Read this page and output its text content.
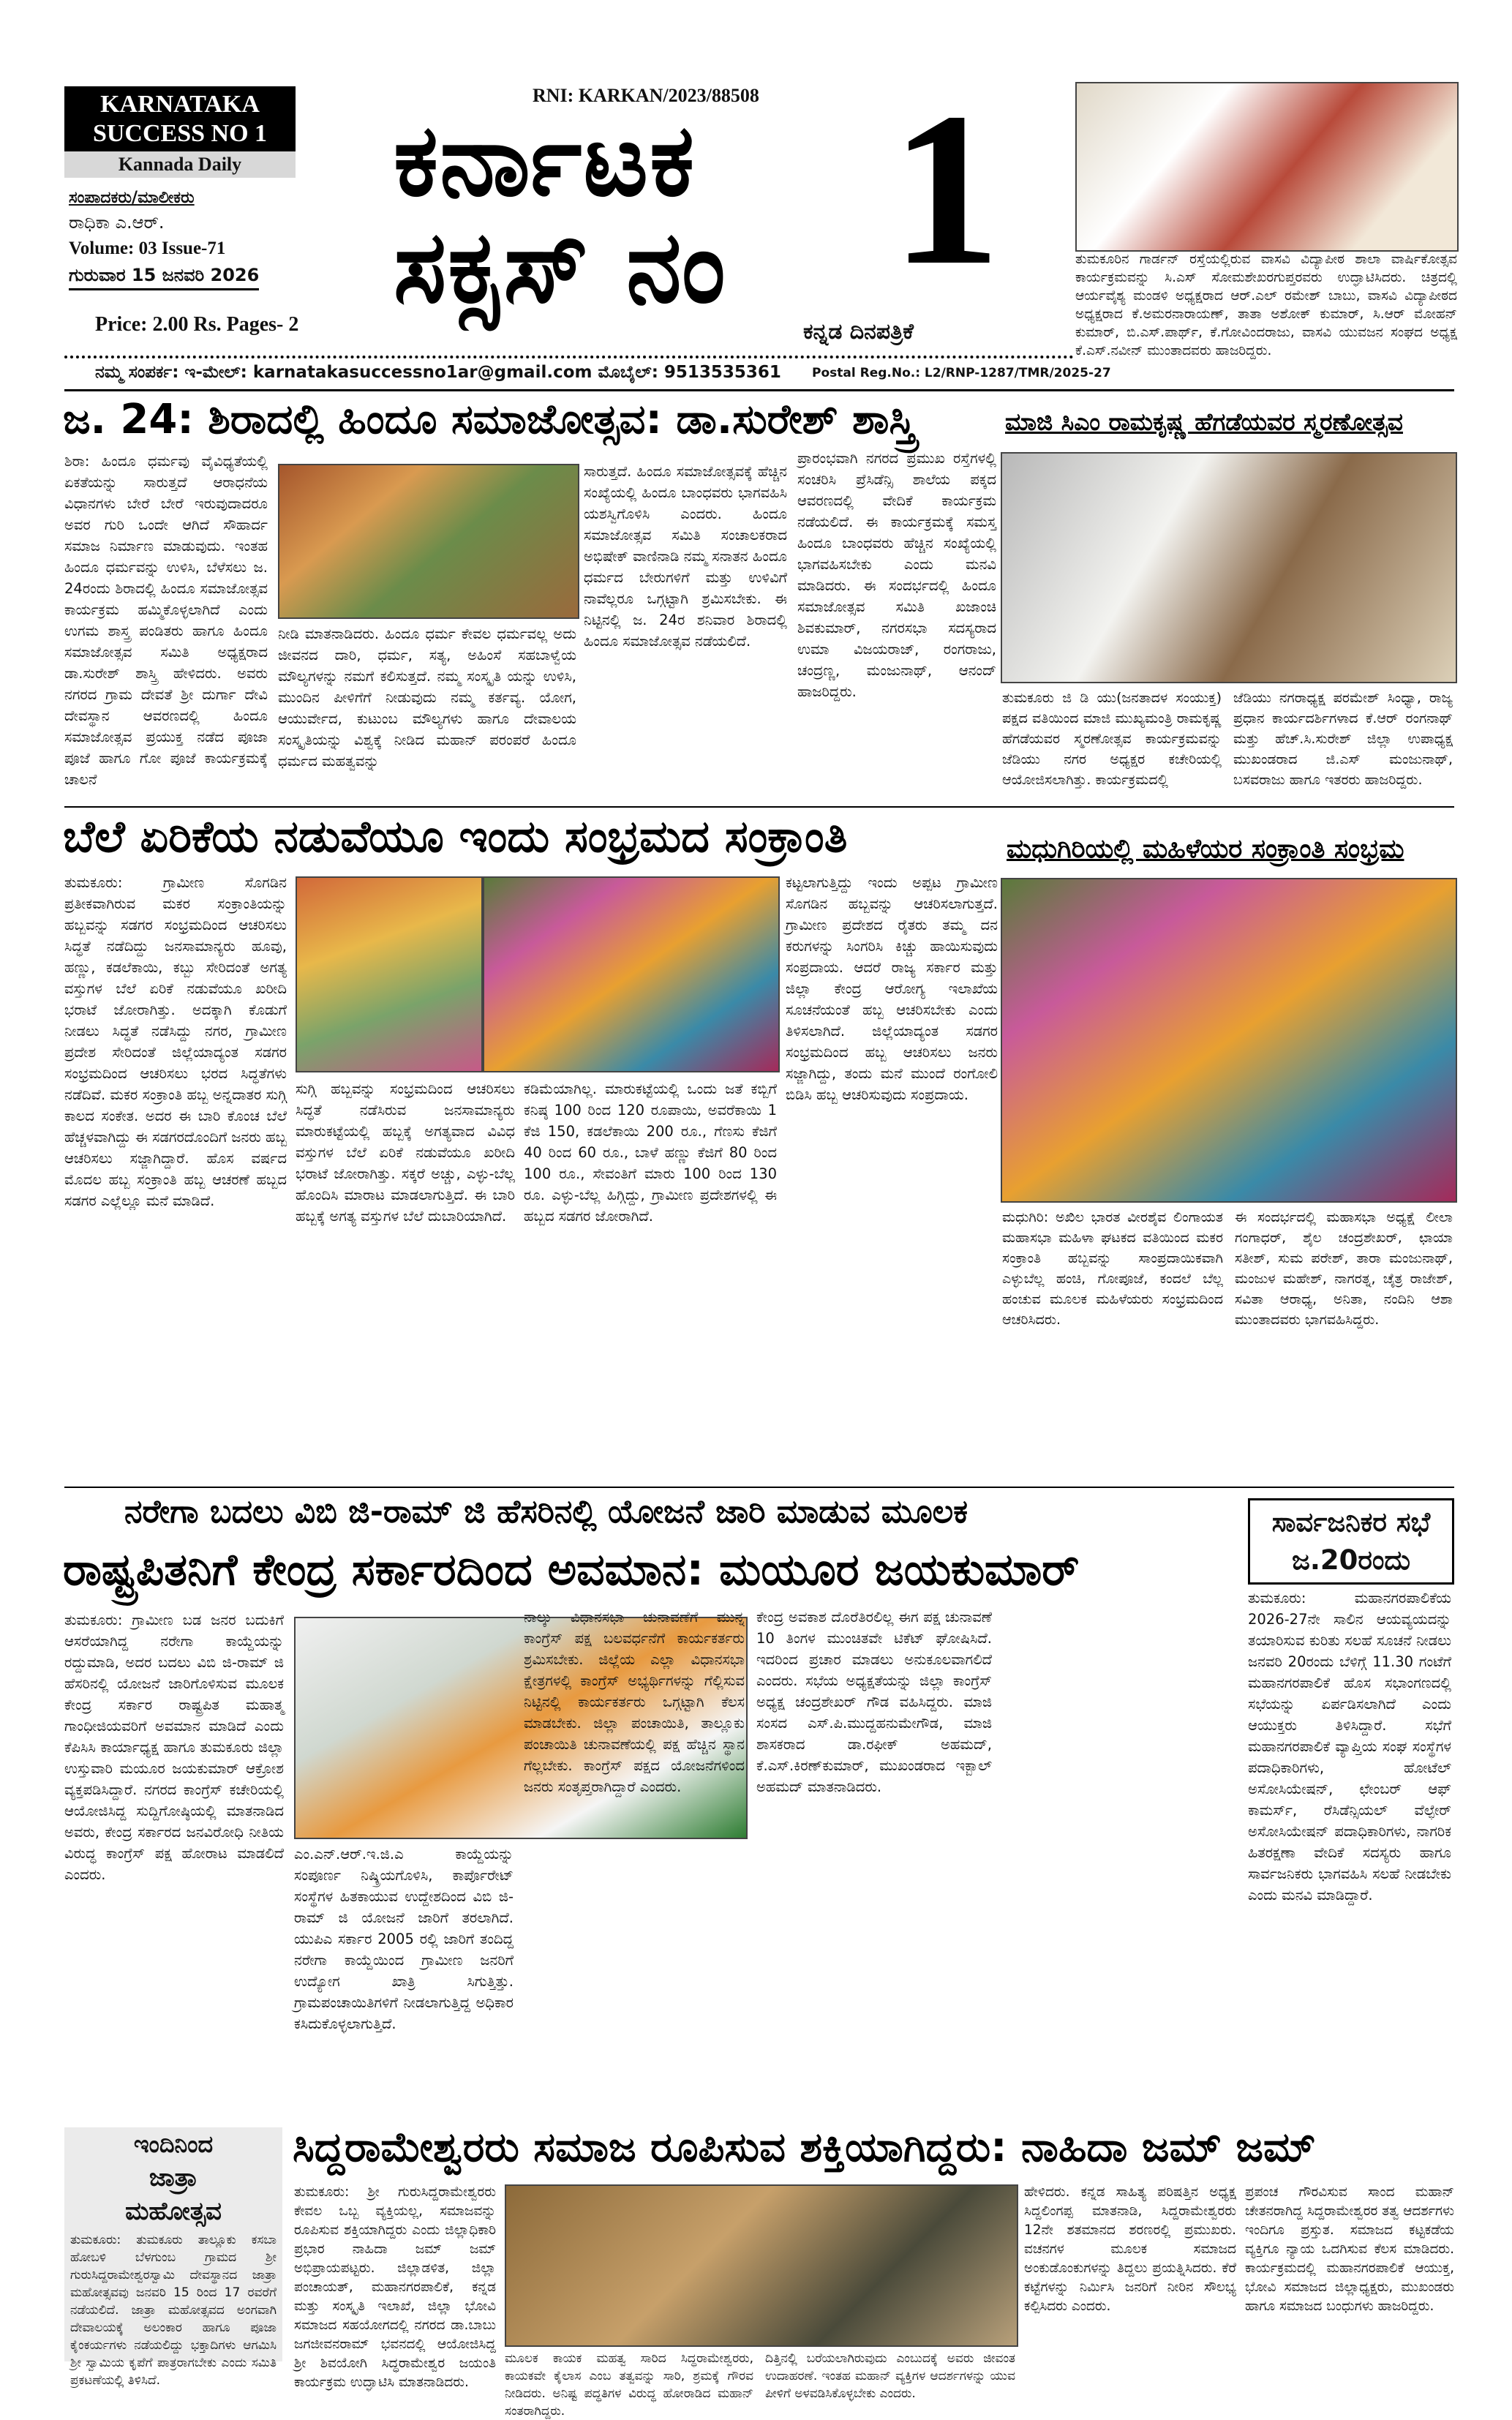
KARNATAKA
SUCCESS NO 1
Kannada Daily
ಸಂಪಾದಕರು/ಮಾಲೀಕರು
ರಾಧಿಕಾ ಎ.ಆರ್.
Volume: 03 Issue-71
ಗುರುವಾರ 15 ಜನವರಿ 2026
Price: 2.00 Rs. Pages- 2
RNI: KARKAN/2023/88508
ಕರ್ನಾಟಕ
ಸಕ್ಸಸ್ ನಂ 1
ಕನ್ನಡ ದಿನಪತ್ರಿಕೆ
ತುಮಕೂರಿನ ಗಾರ್ಡನ್ ರಸ್ತೆಯಲ್ಲಿರುವ ವಾಸವಿ ವಿದ್ಯಾಪೀಠ ಶಾಲಾ ವಾರ್ಷಿಕೋತ್ಸವ ಕಾರ್ಯಕ್ರಮವನ್ನು ಸಿ.ಎಸ್ ಸೋಮಶೇಖರಗುಪ್ತರವರು ಉದ್ಘಾಟಿಸಿದರು. ಚಿತ್ರದಲ್ಲಿ ಆರ್ಯವೈಶ್ಯ ಮಂಡಳಿ ಅಧ್ಯಕ್ಷರಾದ ಆರ್.ಎಲ್ ರಮೇಶ್ ಬಾಬು, ವಾಸವಿ ವಿದ್ಯಾಪೀಠದ ಅಧ್ಯಕ್ಷರಾದ ಕೆ.ಅಮರನಾರಾಯಣ್, ತಾತಾ ಅಶೋಕ್ ಕುಮಾರ್, ಸಿ.ಆರ್ ಮೋಹನ್ ಕುಮಾರ್, ಬಿ.ಎಸ್.ಪಾರ್ಥ್, ಕೆ.ಗೋವಿಂದರಾಜು, ವಾಸವಿ ಯುವಜನ ಸಂಘದ ಅಧ್ಯಕ್ಷ ಕೆ.ಎಸ್.ನವೀನ್ ಮುಂತಾದವರು ಹಾಜರಿದ್ದರು.
ನಮ್ಮ ಸಂಪರ್ಕ: ಇ-ಮೇಲ್: karnatakasuccessno1ar@gmail.com ಮೊಬೈಲ್: 9513535361 Postal Reg.No.: L2/RNP-1287/TMR/2025-27
ಜ. 24: ಶಿರಾದಲ್ಲಿ ಹಿಂದೂ ಸಮಾಜೋತ್ಸವ: ಡಾ.ಸುರೇಶ್ ಶಾಸ್ತ್ರಿ
ಶಿರಾ: ಹಿಂದೂ ಧರ್ಮವು ವೈವಿಧ್ಯತೆಯಲ್ಲಿ ಏಕತೆಯನ್ನು ಸಾರುತ್ತದೆ ಆರಾಧನೆಯ ವಿಧಾನಗಳು ಬೇರೆ ಬೇರೆ ಇರುವುದಾದರೂ ಅವರ ಗುರಿ ಒಂದೇ ಆಗಿದೆ ಸೌಹಾರ್ದ ಸಮಾಜ ನಿರ್ಮಾಣ ಮಾಡುವುದು. ಇಂತಹ ಹಿಂದೂ ಧರ್ಮವನ್ನು ಉಳಿಸಿ, ಬೆಳೆಸಲು ಜ. 24ರಂದು ಶಿರಾದಲ್ಲಿ ಹಿಂದೂ ಸಮಾಜೋತ್ಸವ ಕಾರ್ಯಕ್ರಮ ಹಮ್ಮಿಕೊಳ್ಳಲಾಗಿದೆ ಎಂದು ಉಗಮ ಶಾಸ್ತ್ರ ಪಂಡಿತರು ಹಾಗೂ ಹಿಂದೂ ಸಮಾಜೋತ್ಸವ ಸಮಿತಿ ಅಧ್ಯಕ್ಷರಾದ ಡಾ.ಸುರೇಶ್ ಶಾಸ್ತ್ರಿ ಹೇಳಿದರು. ಅವರು ನಗರದ ಗ್ರಾಮ ದೇವತೆ ಶ್ರೀ ದುರ್ಗಾ ದೇವಿ ದೇವಸ್ಥಾನ ಆವರಣದಲ್ಲಿ ಹಿಂದೂ ಸಮಾಜೋತ್ಸವ ಪ್ರಯುಕ್ತ ನಡೆದ ಪೂಜಾ ಪೂಜೆ ಹಾಗೂ ಗೋ ಪೂಜೆ ಕಾರ್ಯಕ್ರಮಕ್ಕೆ ಚಾಲನೆ
ಸಾರುತ್ತದೆ. ಹಿಂದೂ ಸಮಾಜೋತ್ಸವಕ್ಕೆ ಹೆಚ್ಚಿನ ಸಂಖ್ಯೆಯಲ್ಲಿ ಹಿಂದೂ ಬಾಂಧವರು ಭಾಗವಹಿಸಿ ಯಶಸ್ವಿಗೊಳಿಸಿ ಎಂದರು. ಹಿಂದೂ ಸಮಾಜೋತ್ಸವ ಸಮಿತಿ ಸಂಚಾಲಕರಾದ ಅಭಿಷೇಕ್ ವಾಣಿನಾಡಿ ನಮ್ಮ ಸನಾತನ ಹಿಂದೂ ಧರ್ಮದ ಬೇರುಗಳಿಗೆ ಮತ್ತು ಉಳಿವಿಗೆ ನಾವೆಲ್ಲರೂ ಒಗ್ಗಟ್ಟಾಗಿ ಶ್ರಮಿಸಬೇಕು. ಈ ನಿಟ್ಟಿನಲ್ಲಿ ಜ. 24ರ ಶನಿವಾರ ಶಿರಾದಲ್ಲಿ ಹಿಂದೂ ಸಮಾಜೋತ್ಸವ ನಡೆಯಲಿದೆ.
ನೀಡಿ ಮಾತನಾಡಿದರು. ಹಿಂದೂ ಧರ್ಮ ಕೇವಲ ಧರ್ಮವಲ್ಲ ಅದು ಜೀವನದ ದಾರಿ, ಧರ್ಮ, ಸತ್ಯ, ಅಹಿಂಸೆ ಸಹಬಾಳ್ವೆಯ ಮೌಲ್ಯಗಳನ್ನು ನಮಗೆ ಕಲಿಸುತ್ತದೆ. ನಮ್ಮ ಸಂಸ್ಕೃತಿ ಯನ್ನು ಉಳಿಸಿ, ಮುಂದಿನ ಪೀಳಿಗೆಗೆ ನೀಡುವುದು ನಮ್ಮ ಕರ್ತವ್ಯ. ಯೋಗ, ಆಯುರ್ವೇದ, ಕುಟುಂಬ ಮೌಲ್ಯಗಳು ಹಾಗೂ ದೇವಾಲಯ ಸಂಸ್ಕೃತಿಯನ್ನು ವಿಶ್ವಕ್ಕೆ ನೀಡಿದ ಮಹಾನ್ ಪರಂಪರೆ ಹಿಂದೂ ಧರ್ಮದ ಮಹತ್ವವನ್ನು
ಪ್ರಾರಂಭವಾಗಿ ನಗರದ ಪ್ರಮುಖ ರಸ್ತೆಗಳಲ್ಲಿ ಸಂಚರಿಸಿ ಪ್ರೆಸಿಡೆನ್ಸಿ ಶಾಲೆಯ ಪಕ್ಕದ ಆವರಣದಲ್ಲಿ ವೇದಿಕೆ ಕಾರ್ಯಕ್ರಮ ನಡೆಯಲಿದೆ. ಈ ಕಾರ್ಯಕ್ರಮಕ್ಕೆ ಸಮಸ್ತ ಹಿಂದೂ ಬಾಂಧವರು ಹೆಚ್ಚಿನ ಸಂಖ್ಯೆಯಲ್ಲಿ ಭಾಗವಹಿಸಬೇಕು ಎಂದು ಮನವಿ ಮಾಡಿದರು. ಈ ಸಂದರ್ಭದಲ್ಲಿ ಹಿಂದೂ ಸಮಾಜೋತ್ಸವ ಸಮಿತಿ ಖಜಾಂಚಿ ಶಿವಕುಮಾರ್, ನಗರಸಭಾ ಸದಸ್ಯರಾದ ಉಮಾ ವಿಜಯರಾಜ್, ರಂಗರಾಜು, ಚಂದ್ರಣ್ಣ, ಮಂಜುನಾಥ್, ಆನಂದ್ ಹಾಜರಿದ್ದರು.
ಮಾಜಿ ಸಿಎಂ ರಾಮಕೃಷ್ಣ ಹೆಗಡೆಯವರ ಸ್ಮರಣೋತ್ಸವ
ತುಮಕೂರು ಜಿ ಡಿ ಯು(ಜನತಾದಳ ಸಂಯುಕ್ತ) ಪಕ್ಷದ ವತಿಯಿಂದ ಮಾಜಿ ಮುಖ್ಯಮಂತ್ರಿ ರಾಮಕೃಷ್ಣ ಹೆಗಡೆಯವರ ಸ್ಮರಣೋತ್ಸವ ಕಾರ್ಯಕ್ರಮವನ್ನು ಜೆಡಿಯು ನಗರ ಅಧ್ಯಕ್ಷರ ಕಚೇರಿಯಲ್ಲಿ ಆಯೋಜಿಸಲಾಗಿತ್ತು. ಕಾರ್ಯಕ್ರಮದಲ್ಲಿ
ಜೆಡಿಯು ನಗರಾಧ್ಯಕ್ಷ ಪರಮೇಶ್ ಸಿಂಧ್ಯಾ, ರಾಜ್ಯ ಪ್ರಧಾನ ಕಾರ್ಯದರ್ಶಿಗಳಾದ ಕೆ.ಆರ್ ರಂಗನಾಥ್ ಮತ್ತು ಹೆಚ್.ಸಿ.ಸುರೇಶ್ ಜಿಲ್ಲಾ ಉಪಾಧ್ಯಕ್ಷ ಮುಖಂಡರಾದ ಜಿ.ಎಸ್ ಮಂಜುನಾಥ್, ಬಸವರಾಜು ಹಾಗೂ ಇತರರು ಹಾಜರಿದ್ದರು.
ಬೆಲೆ ಏರಿಕೆಯ ನಡುವೆಯೂ ಇಂದು ಸಂಭ್ರಮದ ಸಂಕ್ರಾಂತಿ
ತುಮಕೂರು: ಗ್ರಾಮೀಣ ಸೊಗಡಿನ ಪ್ರತೀಕವಾಗಿರುವ ಮಕರ ಸಂಕ್ರಾಂತಿಯನ್ನು ಹಬ್ಬವನ್ನು ಸಡಗರ ಸಂಭ್ರಮದಿಂದ ಆಚರಿಸಲು ಸಿದ್ಧತೆ ನಡೆದಿದ್ದು ಜನಸಾಮಾನ್ಯರು ಹೂವು, ಹಣ್ಣು, ಕಡಲೆಕಾಯಿ, ಕಬ್ಬು ಸೇರಿದಂತೆ ಅಗತ್ಯ ವಸ್ತುಗಳ ಬೆಲೆ ಏರಿಕೆ ನಡುವೆಯೂ ಖರೀದಿ ಭರಾಟೆ ಜೋರಾಗಿತ್ತು. ಅದಕ್ಕಾಗಿ ಕೊಡುಗೆ ನೀಡಲು ಸಿದ್ಧತೆ ನಡೆಸಿದ್ದು ನಗರ, ಗ್ರಾಮೀಣ ಪ್ರದೇಶ ಸೇರಿದಂತೆ ಜಿಲ್ಲೆಯಾದ್ಯಂತ ಸಡಗರ ಸಂಭ್ರಮದಿಂದ ಆಚರಿಸಲು ಭರದ ಸಿದ್ಧತೆಗಳು ನಡೆದಿವೆ. ಮಕರ ಸಂಕ್ರಾಂತಿ ಹಬ್ಬ ಅನ್ನದಾತರ ಸುಗ್ಗಿ ಕಾಲದ ಸಂಕೇತ. ಅದರ ಈ ಬಾರಿ ಕೊಂಚ ಬೆಲೆ ಹೆಚ್ಚಳವಾಗಿದ್ದು ಈ ಸಡಗರದೊಂದಿಗೆ ಜನರು ಹಬ್ಬ ಆಚರಿಸಲು ಸಜ್ಜಾಗಿದ್ದಾರೆ. ಹೊಸ ವರ್ಷದ ಮೊದಲ ಹಬ್ಬ ಸಂಕ್ರಾಂತಿ ಹಬ್ಬ ಆಚರಣೆ ಹಬ್ಬದ ಸಡಗರ ಎಲ್ಲೆಲ್ಲೂ ಮನೆ ಮಾಡಿದೆ.
ಸುಗ್ಗಿ ಹಬ್ಬವನ್ನು ಸಂಭ್ರಮದಿಂದ ಆಚರಿಸಲು ಸಿದ್ಧತೆ ನಡೆಸಿರುವ ಜನಸಾಮಾನ್ಯರು ಮಾರುಕಟ್ಟೆಯಲ್ಲಿ ಹಬ್ಬಕ್ಕೆ ಅಗತ್ಯವಾದ ವಿವಿಧ ವಸ್ತುಗಳ ಬೆಲೆ ಏರಿಕೆ ನಡುವೆಯೂ ಖರೀದಿ ಭರಾಟೆ ಜೋರಾಗಿತ್ತು. ಸಕ್ಕರೆ ಅಚ್ಚು, ಎಳ್ಳು-ಬೆಲ್ಲ ಹೊಂದಿಸಿ ಮಾರಾಟ ಮಾಡಲಾಗುತ್ತಿದೆ. ಈ ಬಾರಿ ಹಬ್ಬಕ್ಕೆ ಅಗತ್ಯ ವಸ್ತುಗಳ ಬೆಲೆ ದುಬಾರಿಯಾಗಿದೆ.
ಕಡಿಮೆಯಾಗಿಲ್ಲ. ಮಾರುಕಟ್ಟೆಯಲ್ಲಿ ಒಂದು ಜತೆ ಕಬ್ಬಿಗೆ ಕನಿಷ್ಠ 100 ರಿಂದ 120 ರೂಪಾಯಿ, ಅವರೆಕಾಯಿ 1 ಕೆಜಿ 150, ಕಡಲೆಕಾಯಿ 200 ರೂ., ಗೆಣಸು ಕೆಜಿಗೆ 40 ರಿಂದ 60 ರೂ., ಬಾಳೆ ಹಣ್ಣು ಕೆಜಿಗೆ 80 ರಿಂದ 100 ರೂ., ಸೇವಂತಿಗೆ ಮಾರು 100 ರಿಂದ 130 ರೂ. ಎಳ್ಳು-ಬೆಲ್ಲ ಹಿಗ್ಗಿದ್ದು, ಗ್ರಾಮೀಣ ಪ್ರದೇಶಗಳಲ್ಲಿ ಈ ಹಬ್ಬದ ಸಡಗರ ಜೋರಾಗಿದೆ.
ಕಟ್ಟಲಾಗುತ್ತಿದ್ದು ಇಂದು ಅಪ್ಪಟ ಗ್ರಾಮೀಣ ಸೊಗಡಿನ ಹಬ್ಬವನ್ನು ಆಚರಿಸಲಾಗುತ್ತದೆ. ಗ್ರಾಮೀಣ ಪ್ರದೇಶದ ರೈತರು ತಮ್ಮ ದನ ಕರುಗಳನ್ನು ಸಿಂಗರಿಸಿ ಕಿಚ್ಚು ಹಾಯಿಸುವುದು ಸಂಪ್ರದಾಯ. ಆದರೆ ರಾಜ್ಯ ಸರ್ಕಾರ ಮತ್ತು ಜಿಲ್ಲಾ ಕೇಂದ್ರ ಆರೋಗ್ಯ ಇಲಾಖೆಯ ಸೂಚನೆಯಂತೆ ಹಬ್ಬ ಆಚರಿಸಬೇಕು ಎಂದು ತಿಳಿಸಲಾಗಿದೆ. ಜಿಲ್ಲೆಯಾದ್ಯಂತ ಸಡಗರ ಸಂಭ್ರಮದಿಂದ ಹಬ್ಬ ಆಚರಿಸಲು ಜನರು ಸಜ್ಜಾಗಿದ್ದು, ತಂದು ಮನೆ ಮುಂದೆ ರಂಗೋಲಿ ಬಿಡಿಸಿ ಹಬ್ಬ ಆಚರಿಸುವುದು ಸಂಪ್ರದಾಯ.
ಮಧುಗಿರಿಯಲ್ಲಿ ಮಹಿಳೆಯರ ಸಂಕ್ರಾಂತಿ ಸಂಭ್ರಮ
ಮಧುಗಿರಿ: ಅಖಿಲ ಭಾರತ ವೀರಶೈವ ಲಿಂಗಾಯತ ಮಹಾಸಭಾ ಮಹಿಳಾ ಘಟಕದ ವತಿಯಿಂದ ಮಕರ ಸಂಕ್ರಾಂತಿ ಹಬ್ಬವನ್ನು ಸಾಂಪ್ರದಾಯಿಕವಾಗಿ ಎಳ್ಳುಬೆಲ್ಲ ಹಂಚಿ, ಗೋಪೂಜೆ, ಕಂದಲೆ ಬೆಲ್ಲ ಹಂಚುವ ಮೂಲಕ ಮಹಿಳೆಯರು ಸಂಭ್ರಮದಿಂದ ಆಚರಿಸಿದರು.
ಈ ಸಂದರ್ಭದಲ್ಲಿ ಮಹಾಸಭಾ ಅಧ್ಯಕ್ಷೆ ಲೀಲಾ ಗಂಗಾಧರ್, ಶೈಲ ಚಂದ್ರಶೇಖರ್, ಛಾಯಾ ಸತೀಶ್, ಸುಮ ಪರೇಶ್, ತಾರಾ ಮಂಜುನಾಥ್, ಮಂಜುಳ ಮಹೇಶ್, ನಾಗರತ್ನ, ಚೈತ್ರ ರಾಜೇಶ್, ಸವಿತಾ ಆರಾಧ್ಯ, ಅನಿತಾ, ನಂದಿನಿ ಆಶಾ ಮುಂತಾದವರು ಭಾಗವಹಿಸಿದ್ದರು.
ನರೇಗಾ ಬದಲು ವಿಬಿ ಜಿ-ರಾಮ್ ಜಿ ಹೆಸರಿನಲ್ಲಿ ಯೋಜನೆ ಜಾರಿ ಮಾಡುವ ಮೂಲಕ
ರಾಷ್ಟ್ರಪಿತನಿಗೆ ಕೇಂದ್ರ ಸರ್ಕಾರದಿಂದ ಅವಮಾನ: ಮಯೂರ ಜಯಕುಮಾರ್
ತುಮಕೂರು: ಗ್ರಾಮೀಣ ಬಡ ಜನರ ಬದುಕಿಗೆ ಆಸರೆಯಾಗಿದ್ದ ನರೇಗಾ ಕಾಯ್ದೆಯನ್ನು ರದ್ದುಮಾಡಿ, ಅದರ ಬದಲು ವಿಬಿ ಜಿ-ರಾಮ್ ಜಿ ಹೆಸರಿನಲ್ಲಿ ಯೋಜನೆ ಜಾರಿಗೊಳಿಸುವ ಮೂಲಕ ಕೇಂದ್ರ ಸರ್ಕಾರ ರಾಷ್ಟ್ರಪಿತ ಮಹಾತ್ಮ ಗಾಂಧೀಜಿಯವರಿಗೆ ಅವಮಾನ ಮಾಡಿದೆ ಎಂದು ಕೆಪಿಸಿಸಿ ಕಾರ್ಯಾಧ್ಯಕ್ಷ ಹಾಗೂ ತುಮಕೂರು ಜಿಲ್ಲಾ ಉಸ್ತುವಾರಿ ಮಯೂರ ಜಯಕುಮಾರ್ ಆಕ್ರೋಶ ವ್ಯಕ್ತಪಡಿಸಿದ್ದಾರೆ. ನಗರದ ಕಾಂಗ್ರೆಸ್ ಕಚೇರಿಯಲ್ಲಿ ಆಯೋಜಿಸಿದ್ದ ಸುದ್ದಿಗೋಷ್ಠಿಯಲ್ಲಿ ಮಾತನಾಡಿದ ಅವರು, ಕೇಂದ್ರ ಸರ್ಕಾರದ ಜನವಿರೋಧಿ ನೀತಿಯ ವಿರುದ್ಧ ಕಾಂಗ್ರೆಸ್ ಪಕ್ಷ ಹೋರಾಟ ಮಾಡಲಿದೆ ಎಂದರು.
ಎಂ.ಎನ್.ಆರ್.ಇ.ಜಿ.ಎ ಕಾಯ್ದೆಯನ್ನು ಸಂಪೂರ್ಣ ನಿಷ್ಕ್ರಿಯಗೊಳಿಸಿ, ಕಾರ್ಪೊರೇಟ್ ಸಂಸ್ಥೆಗಳ ಹಿತಕಾಯುವ ಉದ್ದೇಶದಿಂದ ವಿಬಿ ಜಿ-ರಾಮ್ ಜಿ ಯೋಜನೆ ಜಾರಿಗೆ ತರಲಾಗಿದೆ. ಯುಪಿಎ ಸರ್ಕಾರ 2005 ರಲ್ಲಿ ಜಾರಿಗೆ ತಂದಿದ್ದ ನರೇಗಾ ಕಾಯ್ದೆಯಿಂದ ಗ್ರಾಮೀಣ ಜನರಿಗೆ ಉದ್ಯೋಗ ಖಾತ್ರಿ ಸಿಗುತ್ತಿತ್ತು. ಗ್ರಾಮಪಂಚಾಯಿತಿಗಳಿಗೆ ನೀಡಲಾಗುತ್ತಿದ್ದ ಅಧಿಕಾರ ಕಸಿದುಕೊಳ್ಳಲಾಗುತ್ತಿದೆ.
ನಾಲ್ಕು ವಿಧಾನಸಭಾ ಚುನಾವಣೆಗೆ ಮುನ್ನ ಕಾಂಗ್ರೆಸ್ ಪಕ್ಷ ಬಲವರ್ಧನೆಗೆ ಕಾರ್ಯಕರ್ತರು ಶ್ರಮಿಸಬೇಕು. ಜಿಲ್ಲೆಯ ಎಲ್ಲಾ ವಿಧಾನಸಭಾ ಕ್ಷೇತ್ರಗಳಲ್ಲಿ ಕಾಂಗ್ರೆಸ್ ಅಭ್ಯರ್ಥಿಗಳನ್ನು ಗೆಲ್ಲಿಸುವ ನಿಟ್ಟಿನಲ್ಲಿ ಕಾರ್ಯಕರ್ತರು ಒಗ್ಗಟ್ಟಾಗಿ ಕೆಲಸ ಮಾಡಬೇಕು. ಜಿಲ್ಲಾ ಪಂಚಾಯಿತಿ, ತಾಲ್ಲೂಕು ಪಂಚಾಯಿತಿ ಚುನಾವಣೆಯಲ್ಲಿ ಪಕ್ಷ ಹೆಚ್ಚಿನ ಸ್ಥಾನ ಗೆಲ್ಲಬೇಕು. ಕಾಂಗ್ರೆಸ್ ಪಕ್ಷದ ಯೋಜನೆಗಳಿಂದ ಜನರು ಸಂತೃಪ್ತರಾಗಿದ್ದಾರೆ ಎಂದರು.
ಕೇಂದ್ರ ಅವಕಾಶ ದೊರೆತಿರಲಿಲ್ಲ ಈಗ ಪಕ್ಷ ಚುನಾವಣೆ 10 ತಿಂಗಳ ಮುಂಚಿತವೇ ಟಿಕೆಟ್ ಘೋಷಿಸಿದೆ. ಇದರಿಂದ ಪ್ರಚಾರ ಮಾಡಲು ಅನುಕೂಲವಾಗಲಿದೆ ಎಂದರು. ಸಭೆಯ ಅಧ್ಯಕ್ಷತೆಯನ್ನು ಜಿಲ್ಲಾ ಕಾಂಗ್ರೆಸ್ ಅಧ್ಯಕ್ಷ ಚಂದ್ರಶೇಖರ್ ಗೌಡ ವಹಿಸಿದ್ದರು. ಮಾಜಿ ಸಂಸದ ಎಸ್.ಪಿ.ಮುದ್ದಹನುಮೇಗೌಡ, ಮಾಜಿ ಶಾಸಕರಾದ ಡಾ.ರಫೀಕ್ ಅಹಮದ್, ಕೆ.ಎಸ್.ಕಿರಣ್‌ಕುಮಾರ್, ಮುಖಂಡರಾದ ಇಕ್ಬಾಲ್ ಅಹಮದ್ ಮಾತನಾಡಿದರು.
ಸಾರ್ವಜನಿಕರ ಸಭೆ ಜ.20ರಂದು
ತುಮಕೂರು: ಮಹಾನಗರಪಾಲಿಕೆಯ 2026-27ನೇ ಸಾಲಿನ ಆಯವ್ಯಯದನ್ನು ತಯಾರಿಸುವ ಕುರಿತು ಸಲಹೆ ಸೂಚನೆ ನೀಡಲು ಜನವರಿ 20ರಂದು ಬೆಳಿಗ್ಗೆ 11.30 ಗಂಟೆಗೆ ಮಹಾನಗರಪಾಲಿಕೆ ಹೊಸ ಸಭಾಂಗಣದಲ್ಲಿ ಸಭೆಯನ್ನು ಏರ್ಪಡಿಸಲಾಗಿದೆ ಎಂದು ಆಯುಕ್ತರು ತಿಳಿಸಿದ್ದಾರೆ. ಸಭೆಗೆ ಮಹಾನಗರಪಾಲಿಕೆ ವ್ಯಾಪ್ತಿಯ ಸಂಘ ಸಂಸ್ಥೆಗಳ ಪದಾಧಿಕಾರಿಗಳು, ಹೋಟೆಲ್ ಅಸೋಸಿಯೇಷನ್, ಛೇಂಬರ್ ಆಫ್ ಕಾಮರ್ಸ್, ರೆಸಿಡೆನ್ಸಿಯಲ್ ವೆಲ್ಫೇರ್ ಅಸೋಸಿಯೇಷನ್ ಪದಾಧಿಕಾರಿಗಳು, ನಾಗರಿಕ ಹಿತರಕ್ಷಣಾ ವೇದಿಕೆ ಸದಸ್ಯರು ಹಾಗೂ ಸಾರ್ವಜನಿಕರು ಭಾಗವಹಿಸಿ ಸಲಹೆ ನೀಡಬೇಕು ಎಂದು ಮನವಿ ಮಾಡಿದ್ದಾರೆ.
ಇಂದಿನಿಂದ
ಜಾತ್ರಾ
ಮಹೋತ್ಸವ
ತುಮಕೂರು: ತುಮಕೂರು ತಾಲ್ಲೂಕು ಕಸಬಾ ಹೋಬಳಿ ಬೆಳಗುಂಬ ಗ್ರಾಮದ ಶ್ರೀ ಗುರುಸಿದ್ದರಾಮೇಶ್ವರಸ್ವಾಮಿ ದೇವಸ್ಥಾನದ ಜಾತ್ರಾ ಮಹೋತ್ಸವವು ಜನವರಿ 15 ರಿಂದ 17 ರವರೆಗೆ ನಡೆಯಲಿದೆ. ಜಾತ್ರಾ ಮಹೋತ್ಸವದ ಅಂಗವಾಗಿ ದೇವಾಲಯಕ್ಕೆ ಅಲಂಕಾರ ಹಾಗೂ ಪೂಜಾ ಕೈಂಕರ್ಯಗಳು ನಡೆಯಲಿದ್ದು ಭಕ್ತಾದಿಗಳು ಆಗಮಿಸಿ ಶ್ರೀ ಸ್ವಾಮಿಯ ಕೃಪೆಗೆ ಪಾತ್ರರಾಗಬೇಕು ಎಂದು ಸಮಿತಿ ಪ್ರಕಟಣೆಯಲ್ಲಿ ತಿಳಿಸಿದೆ.
ಸಿದ್ದರಾಮೇಶ್ವರರು ಸಮಾಜ ರೂಪಿಸುವ ಶಕ್ತಿಯಾಗಿದ್ದರು: ನಾಹಿದಾ ಜಮ್ ಜಮ್
ತುಮಕೂರು: ಶ್ರೀ ಗುರುಸಿದ್ದರಾಮೇಶ್ವರರು ಕೇವಲ ಒಬ್ಬ ವ್ಯಕ್ತಿಯಲ್ಲ, ಸಮಾಜವನ್ನು ರೂಪಿಸುವ ಶಕ್ತಿಯಾಗಿದ್ದರು ಎಂದು ಜಿಲ್ಲಾಧಿಕಾರಿ ಪ್ರಭಾರ ನಾಹಿದಾ ಜಮ್ ಜಮ್ ಅಭಿಪ್ರಾಯಪಟ್ಟರು. ಜಿಲ್ಲಾಡಳಿತ, ಜಿಲ್ಲಾ ಪಂಚಾಯತ್, ಮಹಾನಗರಪಾಲಿಕೆ, ಕನ್ನಡ ಮತ್ತು ಸಂಸ್ಕೃತಿ ಇಲಾಖೆ, ಜಿಲ್ಲಾ ಭೋವಿ ಸಮಾಜದ ಸಹಯೋಗದಲ್ಲಿ ನಗರದ ಡಾ.ಬಾಬು ಜಗಜೀವನರಾಮ್ ಭವನದಲ್ಲಿ ಆಯೋಜಿಸಿದ್ದ ಶ್ರೀ ಶಿವಯೋಗಿ ಸಿದ್ಧರಾಮೇಶ್ವರ ಜಯಂತಿ ಕಾರ್ಯಕ್ರಮ ಉದ್ಘಾಟಿಸಿ ಮಾತನಾಡಿದರು.
ಮೂಲಕ ಕಾಯಕ ಮಹತ್ವ ಸಾರಿದ ಸಿದ್ಧರಾಮೇಶ್ವರರು, ಕಾಯಕವೇ ಕೈಲಾಸ ಎಂಬ ತತ್ವವನ್ನು ಸಾರಿ, ಶ್ರಮಕ್ಕೆ ಗೌರವ ನೀಡಿದರು. ಅನಿಷ್ಟ ಪದ್ಧತಿಗಳ ವಿರುದ್ಧ ಹೋರಾಡಿದ ಮಹಾನ್ ಸಂತರಾಗಿದ್ದರು.
ದಿತ್ತಿನಲ್ಲಿ ಬರೆಯಲಾಗಿರುವುದು ಎಂಬುದಕ್ಕೆ ಅವರು ಜೀವಂತ ಉದಾಹರಣೆ. ಇಂತಹ ಮಹಾನ್ ವ್ಯಕ್ತಿಗಳ ಆದರ್ಶಗಳನ್ನು ಯುವ ಪೀಳಿಗೆ ಅಳವಡಿಸಿಕೊಳ್ಳಬೇಕು ಎಂದರು.
ಹೇಳಿದರು. ಕನ್ನಡ ಸಾಹಿತ್ಯ ಪರಿಷತ್ತಿನ ಅಧ್ಯಕ್ಷ ಸಿದ್ದಲಿಂಗಪ್ಪ ಮಾತನಾಡಿ, ಸಿದ್ದರಾಮೇಶ್ವರರು 12ನೇ ಶತಮಾನದ ಶರಣರಲ್ಲಿ ಪ್ರಮುಖರು. ವಚನಗಳ ಮೂಲಕ ಸಮಾಜದ ಅಂಕುಡೊಂಕುಗಳನ್ನು ತಿದ್ದಲು ಪ್ರಯತ್ನಿಸಿದರು. ಕೆರೆ ಕಟ್ಟೆಗಳನ್ನು ನಿರ್ಮಿಸಿ ಜನರಿಗೆ ನೀರಿನ ಸೌಲಭ್ಯ ಕಲ್ಪಿಸಿದರು ಎಂದರು.
ಪ್ರಪಂಚ ಗೌರವಿಸುವ ಸಾಂದ ಮಹಾನ್ ಚೇತನರಾಗಿದ್ದ ಸಿದ್ದರಾಮೇಶ್ವರರ ತತ್ವ ಆದರ್ಶಗಳು ಇಂದಿಗೂ ಪ್ರಸ್ತುತ. ಸಮಾಜದ ಕಟ್ಟಕಡೆಯ ವ್ಯಕ್ತಿಗೂ ನ್ಯಾಯ ಒದಗಿಸುವ ಕೆಲಸ ಮಾಡಿದರು. ಕಾರ್ಯಕ್ರಮದಲ್ಲಿ ಮಹಾನಗರಪಾಲಿಕೆ ಆಯುಕ್ತ, ಭೋವಿ ಸಮಾಜದ ಜಿಲ್ಲಾಧ್ಯಕ್ಷರು, ಮುಖಂಡರು ಹಾಗೂ ಸಮಾಜದ ಬಂಧುಗಳು ಹಾಜರಿದ್ದರು.
